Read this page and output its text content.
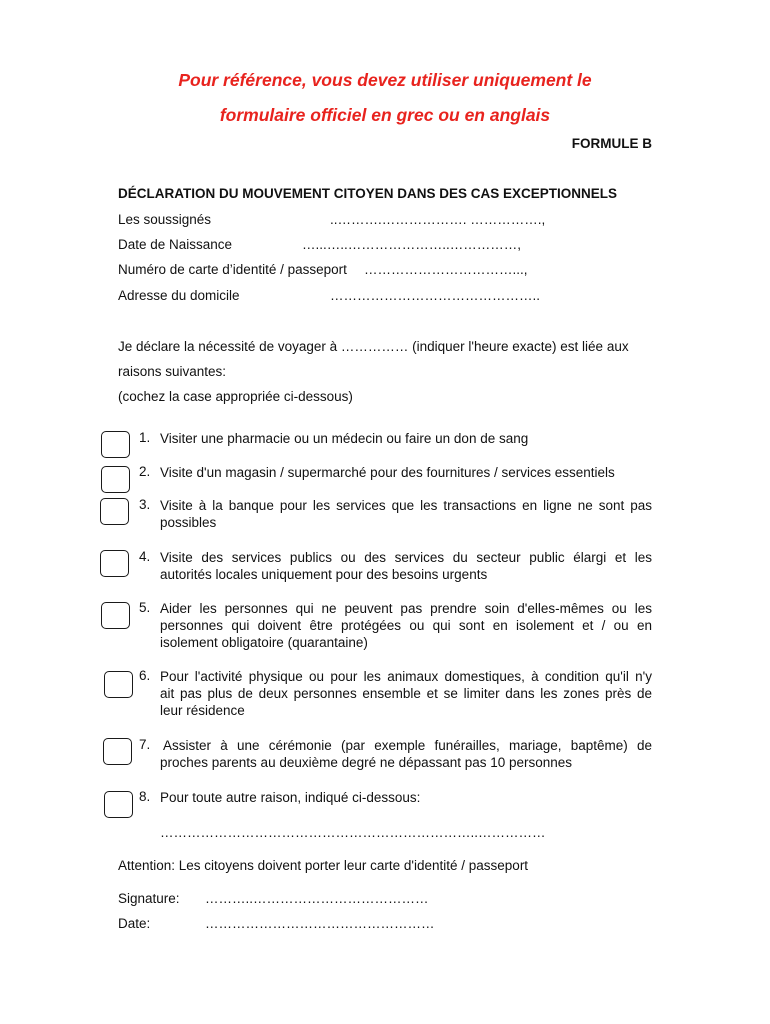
Pour référence, vous devez utiliser uniquement le
formulaire officiel en grec ou en anglais
FORMULE B
DÉCLARATION DU MOUVEMENT CITOYEN DANS DES CAS EXCEPTIONNELS
Les soussignés	..……….………………. …………….,
Date de Naissance	…...…..…………………..……………,
Numéro de carte d’identité / passeport ……………………………...,
Adresse du domicile	………………………………………..
Je déclare la nécessité de voyager à …………… (indiquer l'heure exacte) est liée aux
raisons suivantes:
(cochez la case appropriée ci-dessous)
1. Visiter une pharmacie ou un médecin ou faire un don de sang
2. Visite d'un magasin / supermarché pour des fournitures / services essentiels
3. Visite à la banque pour les services que les transactions en ligne ne sont pas
possibles
4. Visite des services publics ou des services du secteur public élargi et les
autorités locales uniquement pour des besoins urgents
5. Aider les personnes qui ne peuvent pas prendre soin d'elles-mêmes ou les
personnes qui doivent être protégées ou qui sont en isolement et / ou en
isolement obligatoire (quarantaine)
6. Pour l'activité physique ou pour les animaux domestiques, à condition qu'il n'y
ait pas plus de deux personnes ensemble et se limiter dans les zones près de
leur résidence
7. Assister à une cérémonie (par exemple funérailles, mariage, baptême) de
proches parents au deuxième degré ne dépassant pas 10 personnes
8. Pour toute autre raison, indiqué ci-dessous:
……………………………………………………………..……………
Attention: Les citoyens doivent porter leur carte d'identité / passeport
Signature: ………..…………………………………
Date:	……………………………………………
